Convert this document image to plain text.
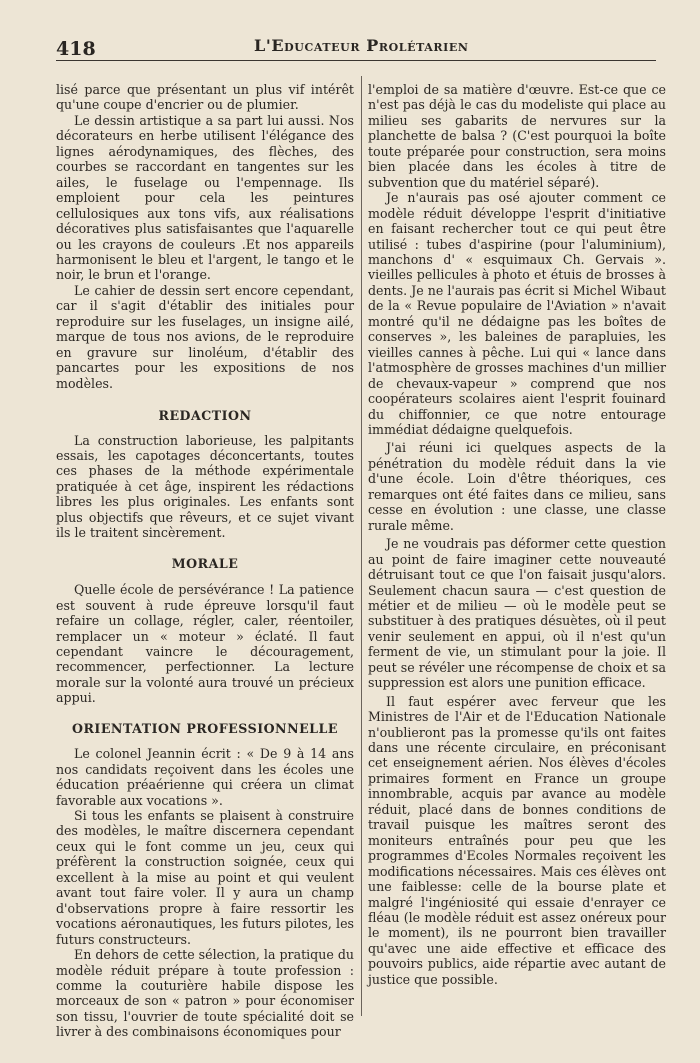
418	L'Educateur Prolétarien

lisé parce que présentant un plus vif intérêt qu'une coupe d'encrier ou de plumier.

Le dessin artistique a sa part lui aussi. Nos décorateurs en herbe utilisent l'élégance des lignes aérodynamiques, des flèches, des courbes se raccordant en tangentes sur les ailes, le fuselage ou l'empennage. Ils emploient pour cela les peintures cellulosiques aux tons vifs, aux réalisations décoratives plus satisfaisantes que l'aquarelle ou les crayons de couleurs .Et nos appareils harmonisent le bleu et l'argent, le tango et le noir, le brun et l'orange.

Le cahier de dessin sert encore cependant, car il s'agit d'établir des initiales pour reproduire sur les fuselages, un insigne ailé, marque de tous nos avions, de le reproduire en gravure sur linoléum, d'établir des pancartes pour les expositions de nos modèles.

REDACTION

La construction laborieuse, les palpitants essais, les capotages déconcertants, toutes ces phases de la méthode expérimentale pratiquée à cet âge, inspirent les rédactions libres les plus originales. Les enfants sont plus objectifs que rêveurs, et ce sujet vivant ils le traitent sincèrement.

MORALE

Quelle école de persévérance ! La patience est souvent à rude épreuve lorsqu'il faut refaire un collage, régler, caler, réentoiler, remplacer un « moteur » éclaté. Il faut cependant vaincre le découragement, recommencer, perfectionner. La lecture morale sur la volonté aura trouvé un précieux appui.

ORIENTATION PROFESSIONNELLE

Le colonel Jeannin écrit : « De 9 à 14 ans nos candidats reçoivent dans les écoles une éducation préaérienne qui créera un climat favorable aux vocations ».

Si tous les enfants se plaisent à construire des modèles, le maître discernera cependant ceux qui le font comme un jeu, ceux qui préfèrent la construction soignée, ceux qui excellent à la mise au point et qui veulent avant tout faire voler. Il y aura un champ d'observations propre à faire ressortir les vocations aéronautiques, les futurs pilotes, les futurs constructeurs.

En dehors de cette sélection, la pratique du modèle réduit prépare à toute profession : comme la couturière habile dispose les morceaux de son « patron » pour économiser son tissu, l'ouvrier de toute spécialité doit se livrer à des combinaisons économiques pour

l'emploi de sa matière d'œuvre. Est-ce que ce n'est pas déjà le cas du modeliste qui place au milieu ses gabarits de nervures sur la planchette de balsa ? (C'est pourquoi la boîte toute préparée pour construction, sera moins bien placée dans les écoles à titre de subvention que du matériel séparé).

Je n'aurais pas osé ajouter comment ce modèle réduit développe l'esprit d'initiative en faisant rechercher tout ce qui peut être utilisé : tubes d'aspirine (pour l'aluminium), manchons d' « esquimaux Ch. Gervais ». vieilles pellicules à photo et étuis de brosses à dents. Je ne l'aurais pas écrit si Michel Wibaut de la « Revue populaire de l'Aviation » n'avait montré qu'il ne dédaigne pas les boîtes de conserves », les baleines de parapluies, les vieilles cannes à pêche. Lui qui « lance dans l'atmosphère de grosses machines d'un millier de chevaux-vapeur » comprend que nos coopérateurs scolaires aient l'esprit fouinard du chiffonnier, ce que notre entourage immédiat dédaigne quelquefois.

J'ai réuni ici quelques aspects de la pénétration du modèle réduit dans la vie d'une école. Loin d'être théoriques, ces remarques ont été faites dans ce milieu, sans cesse en évolution : une classe, une classe rurale même.

Je ne voudrais pas déformer cette question au point de faire imaginer cette nouveauté détruisant tout ce que l'on faisait jusqu'alors. Seulement chacun saura — c'est question de métier et de milieu — où le modèle peut se substituer à des pratiques désuètes, où il peut venir seulement en appui, où il n'est qu'un ferment de vie, un stimulant pour la joie. Il peut se révéler une récompense de choix et sa suppression est alors une punition efficace.

Il faut espérer avec ferveur que les Ministres de l'Air et de l'Education Nationale n'oublieront pas la promesse qu'ils ont faites dans une récente circulaire, en préconisant cet enseignement aérien. Nos élèves d'écoles primaires forment en France un groupe innombrable, acquis par avance au modèle réduit, placé dans de bonnes conditions de travail puisque les maîtres seront des moniteurs entraînés pour peu que les programmes d'Ecoles Normales reçoivent les modifications nécessaires. Mais ces élèves ont une faiblesse: celle de la bourse plate et malgré l'ingéniosité qui essaie d'enrayer ce fléau (le modèle réduit est assez onéreux pour le moment), ils ne pourront bien travailler qu'avec une aide effective et efficace des pouvoirs publics, aide répartie avec autant de justice que possible.
